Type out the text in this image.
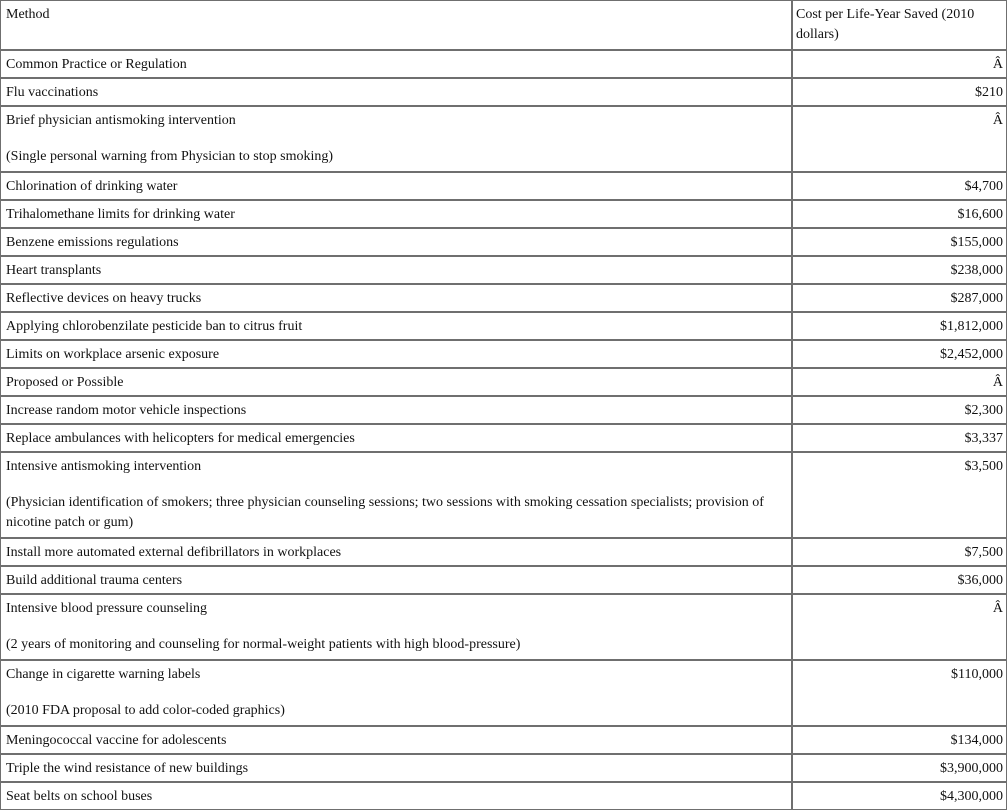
Method	Cost per Life-Year Saved (2010 dollars)

Common Practice or Regulation	Â

Flu vaccinations	$210

Brief physician antismoking intervention
(Single personal warning from Physician to stop smoking)	Â

Chlorination of drinking water	$4,700

Trihalomethane limits for drinking water	$16,600

Benzene emissions regulations	$155,000

Heart transplants	$238,000

Reflective devices on heavy trucks	$287,000

Applying chlorobenzilate pesticide ban to citrus fruit	$1,812,000

Limits on workplace arsenic exposure	$2,452,000

Proposed or Possible	Â

Increase random motor vehicle inspections	$2,300

Replace ambulances with helicopters for medical emergencies	$3,337

Intensive antismoking intervention
(Physician identification of smokers; three physician counseling sessions; two sessions with smoking cessation specialists; provision of nicotine patch or gum)	$3,500

Install more automated external defibrillators in workplaces	$7,500

Build additional trauma centers	$36,000

Intensive blood pressure counseling
(2 years of monitoring and counseling for normal-weight patients with high blood-pressure)	Â

Change in cigarette warning labels
(2010 FDA proposal to add color-coded graphics)	$110,000

Meningococcal vaccine for adolescents	$134,000

Triple the wind resistance of new buildings	$3,900,000

Seat belts on school buses	$4,300,000
